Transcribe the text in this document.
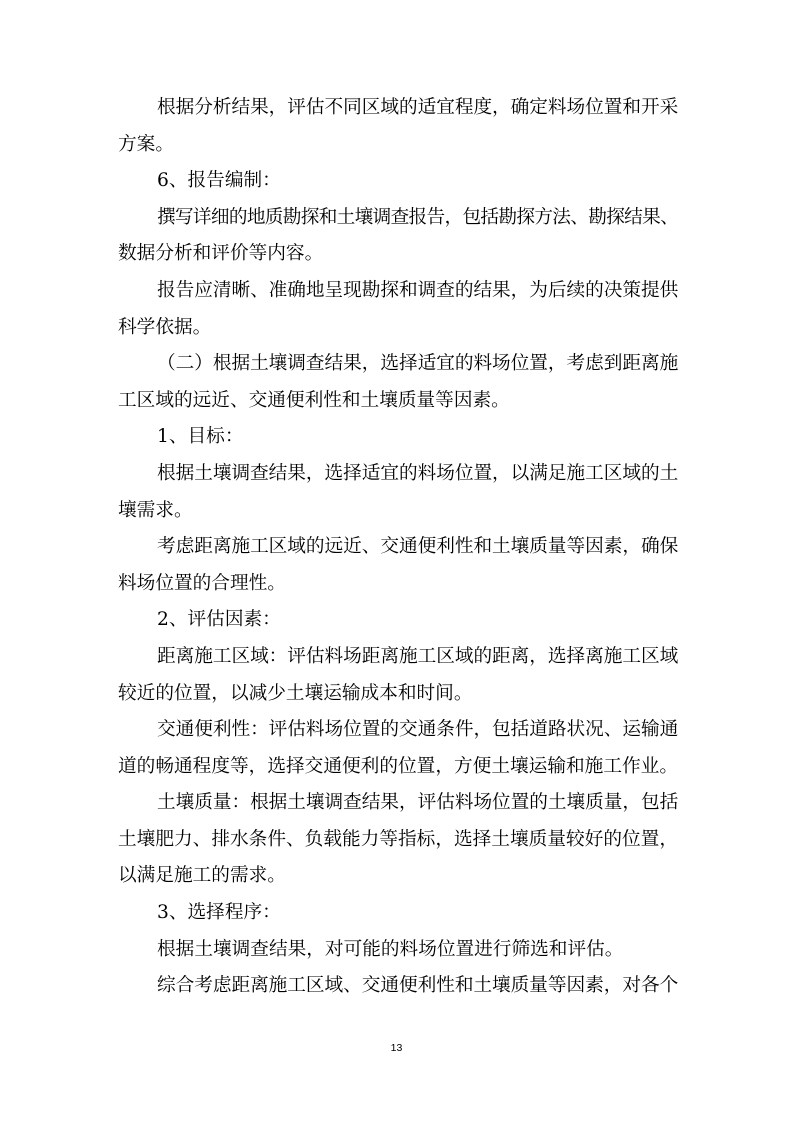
根据分析结果，评估不同区域的适宜程度，确定料场位置和开采
方案。

6、报告编制：

撰写详细的地质勘探和土壤调查报告，包括勘探方法、勘探结果、
数据分析和评价等内容。

报告应清晰、准确地呈现勘探和调查的结果，为后续的决策提供
科学依据。

（二）根据土壤调查结果，选择适宜的料场位置，考虑到距离施
工区域的远近、交通便利性和土壤质量等因素。

1、目标：

根据土壤调查结果，选择适宜的料场位置，以满足施工区域的土
壤需求。

考虑距离施工区域的远近、交通便利性和土壤质量等因素，确保
料场位置的合理性。

2、评估因素：

距离施工区域：评估料场距离施工区域的距离，选择离施工区域
较近的位置，以减少土壤运输成本和时间。

交通便利性：评估料场位置的交通条件，包括道路状况、运输通
道的畅通程度等，选择交通便利的位置，方便土壤运输和施工作业。

土壤质量：根据土壤调查结果，评估料场位置的土壤质量，包括
土壤肥力、排水条件、负载能力等指标，选择土壤质量较好的位置，
以满足施工的需求。

3、选择程序：

根据土壤调查结果，对可能的料场位置进行筛选和评估。

综合考虑距离施工区域、交通便利性和土壤质量等因素，对各个

13
